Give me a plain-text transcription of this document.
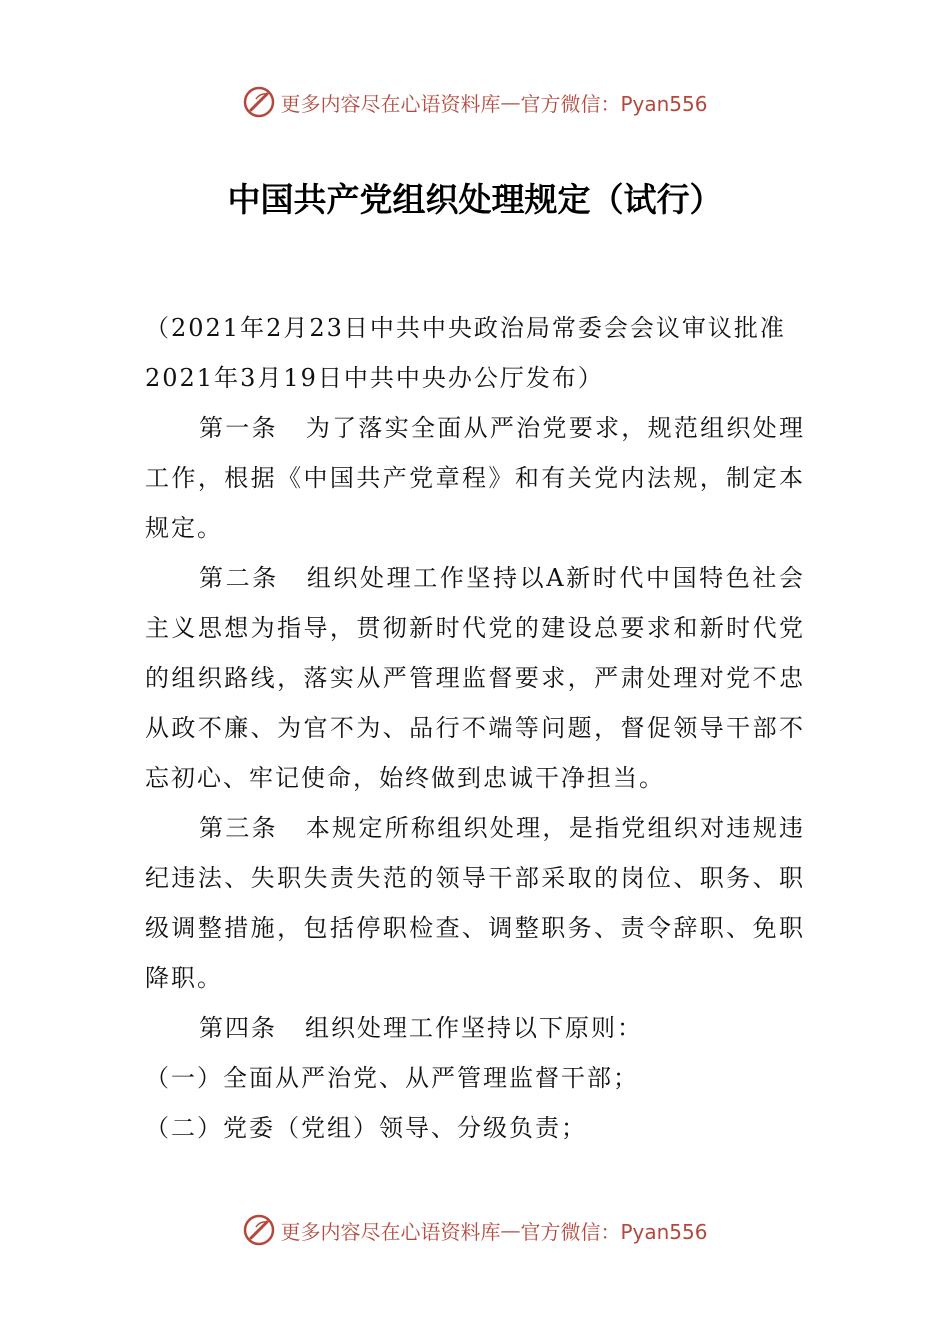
更多内容尽在心语资料库 — 官方微信：Pyan556
中国共产党组织处理规定（试行）

（2021年2月23日中共中央政治局常委会会议审议批准

2021年3月19日中共中央办公厅发布）

第一条 为了落实全面从严治党要求，规范组织处理工作，根据《中国共产党章程》和有关党内法规，制定本规定。

第二条 组织处理工作坚持以A新时代中国特色社会主义思想为指导，贯彻新时代党的建设总要求和新时代党的组织路线，落实从严管理监督要求，严肃处理对党不忠从政不廉、为官不为、品行不端等问题，督促领导干部不忘初心、牢记使命，始终做到忠诚干净担当。

第三条 本规定所称组织处理，是指党组织对违规违纪违法、失职失责失范的领导干部采取的岗位、职务、职级调整措施，包括停职检查、调整职务、责令辞职、免职降职。

第四条 组织处理工作坚持以下原则：

（一）全面从严治党、从严管理监督干部；

（二）党委（党组）领导、分级负责；

更多内容尽在心语资料库 — 官方微信：Pyan556
